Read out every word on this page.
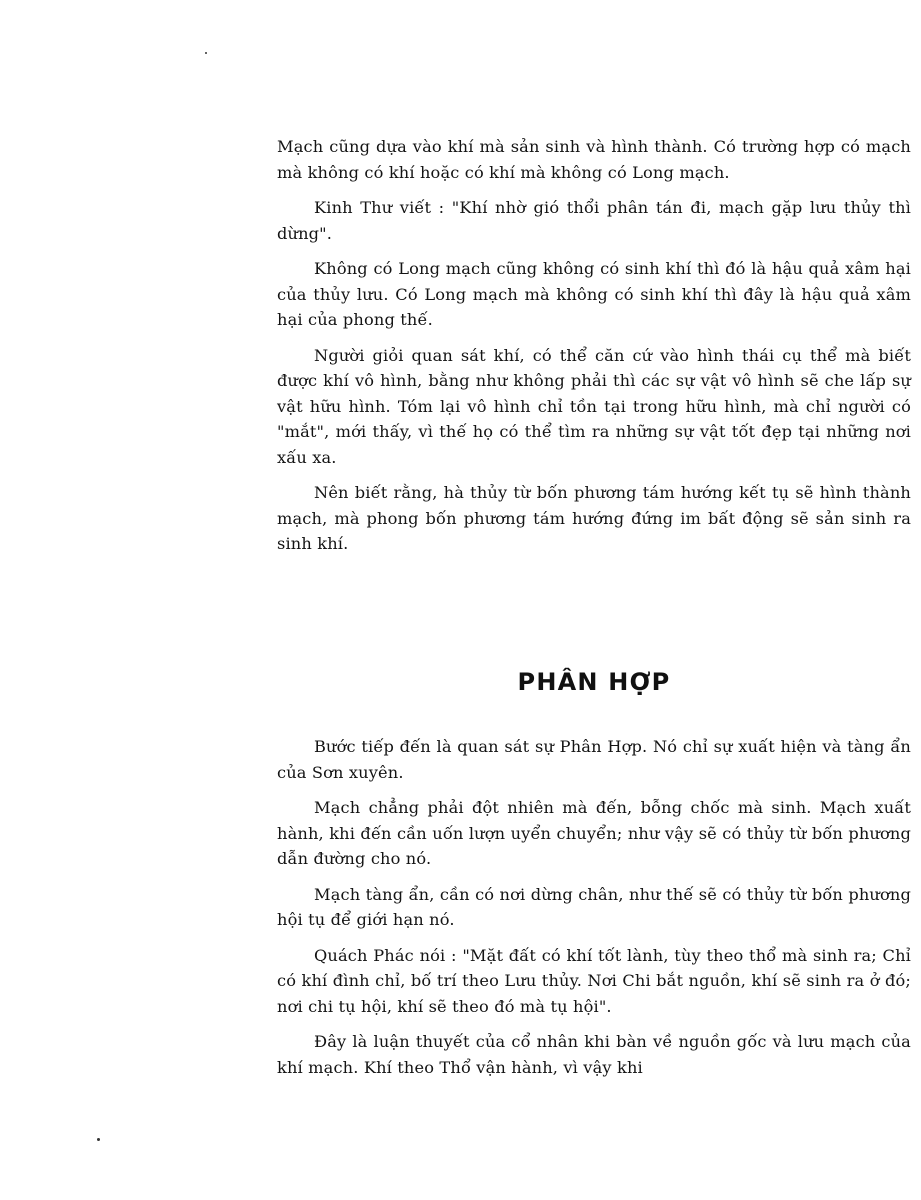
Mạch cũng dựa vào khí mà sản sinh và hình thành. Có trường hợp có mạch mà không có khí hoặc có khí mà không có Long mạch.

Kinh Thư viết : "Khí nhờ gió thổi phân tán đi, mạch gặp lưu thủy thì dừng".

Không có Long mạch cũng không có sinh khí thì đó là hậu quả xâm hại của thủy lưu. Có Long mạch mà không có sinh khí thì đây là hậu quả xâm hại của phong thế.

Người giỏi quan sát khí, có thể căn cứ vào hình thái cụ thể mà biết được khí vô hình, bằng như không phải thì các sự vật vô hình sẽ che lấp sự vật hữu hình. Tóm lại vô hình chỉ tồn tại trong hữu hình, mà chỉ người có "mắt", mới thấy, vì thế họ có thể tìm ra những sự vật tốt đẹp tại những nơi xấu xa.

Nên biết rằng, hà thủy từ bốn phương tám hướng kết tụ sẽ hình thành mạch, mà phong bốn phương tám hướng đứng im bất động sẽ sản sinh ra sinh khí.

PHÂN HỢP

Bước tiếp đến là quan sát sự Phân Hợp. Nó chỉ sự xuất hiện và tàng ẩn của Sơn xuyên.

Mạch chẳng phải đột nhiên mà đến, bỗng chốc mà sinh. Mạch xuất hành, khi đến cần uốn lượn uyển chuyển; như vậy sẽ có thủy từ bốn phương dẫn đường cho nó.

Mạch tàng ẩn, cần có nơi dừng chân, như thế sẽ có thủy từ bốn phương hội tụ để giới hạn nó.

Quách Phác nói : "Mặt đất có khí tốt lành, tùy theo thổ mà sinh ra; Chỉ có khí đình chỉ, bố trí theo Lưu thủy. Nơi Chi bắt nguồn, khí sẽ sinh ra ở đó; nơi chi tụ hội, khí sẽ theo đó mà tụ hội".

Đây là luận thuyết của cổ nhân khi bàn về nguồn gốc và lưu mạch của khí mạch. Khí theo Thổ vận hành, vì vậy khi
